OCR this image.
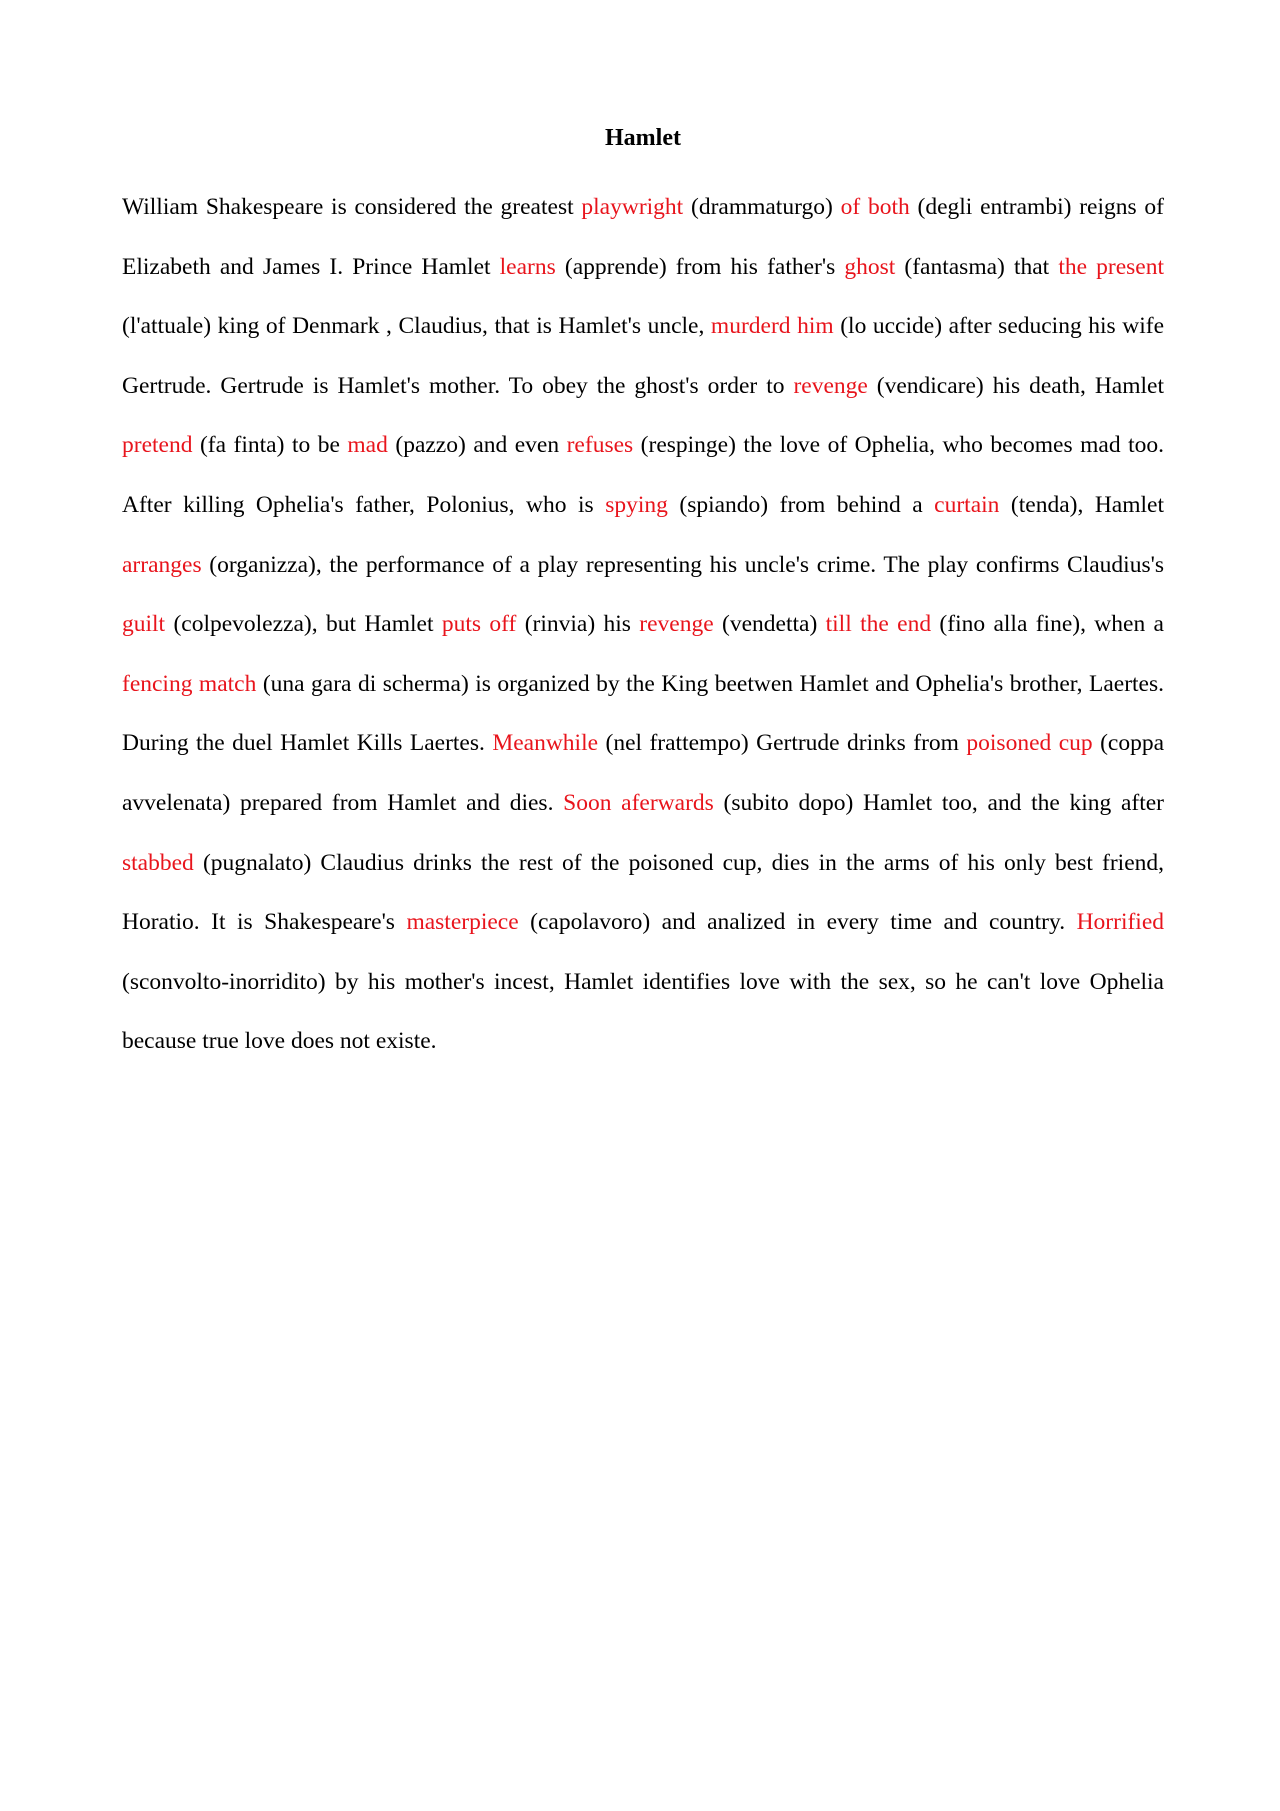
Hamlet

William Shakespeare is considered the greatest playwright (drammaturgo) of both (degli entrambi) reigns of Elizabeth and James I. Prince Hamlet learns (apprende) from his father's ghost (fantasma) that the present (l'attuale) king of Denmark , Claudius, that is Hamlet's uncle, murderd him (lo uccide) after seducing his wife Gertrude. Gertrude is Hamlet's mother. To obey the ghost's order to revenge (vendicare) his death, Hamlet pretend (fa finta) to be mad (pazzo) and even refuses (respinge) the love of Ophelia, who becomes mad too. After killing Ophelia's father, Polonius, who is spying (spiando) from behind a curtain (tenda), Hamlet arranges (organizza), the performance of a play representing his uncle's crime. The play confirms Claudius's guilt (colpevolezza), but Hamlet puts off (rinvia) his revenge (vendetta) till the end (fino alla fine), when a fencing match (una gara di scherma) is organized by the King beetwen Hamlet and Ophelia's brother, Laertes. During the duel Hamlet Kills Laertes. Meanwhile (nel frattempo) Gertrude drinks from poisoned cup (coppa avvelenata) prepared from Hamlet and dies. Soon aferwards (subito dopo) Hamlet too, and the king after stabbed (pugnalato) Claudius drinks the rest of the poisoned cup, dies in the arms of his only best friend, Horatio. It is Shakespeare's masterpiece (capolavoro) and analized in every time and country. Horrified (sconvolto-inorridito) by his mother's incest, Hamlet identifies love with the sex, so he can't love Ophelia because true love does not existe.
